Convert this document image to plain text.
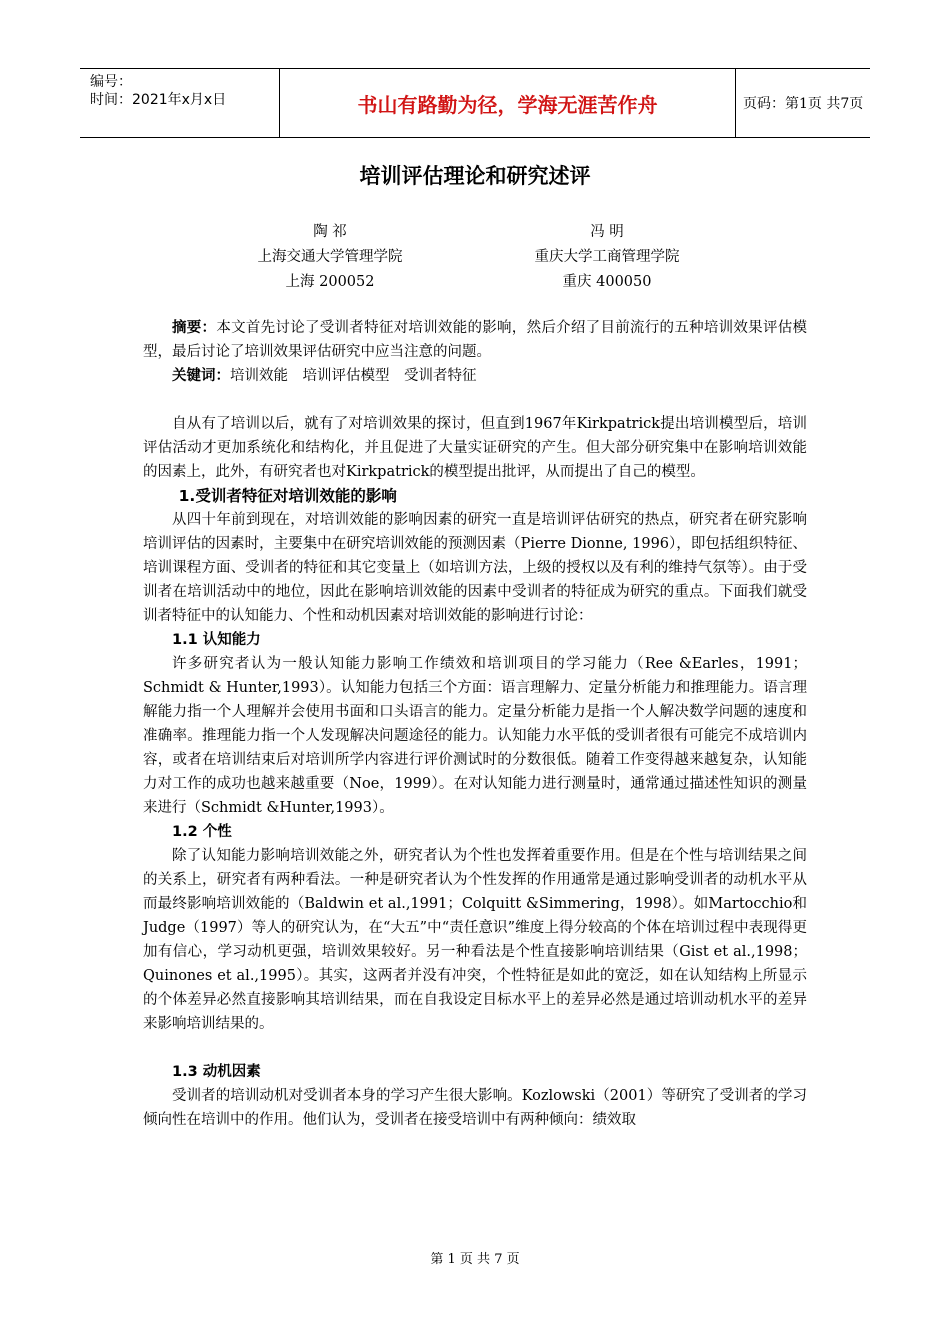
编号：
时间：2021年x月x日	书山有路勤为径，学海无涯苦作舟	页码：第1页 共7页
培训评估理论和研究述评
陶 祁
上海交通大学管理学院
上海 200052
冯 明
重庆大学工商管理学院
重庆 400050

摘要：本文首先讨论了受训者特征对培训效能的影响，然后介绍了目前流行的五种培训效果评估模型，最后讨论了培训效果评估研究中应当注意的问题。

关键词：培训效能　培训评估模型　受训者特征

自从有了培训以后，就有了对培训效果的探讨，但直到1967年Kirkpatrick提出培训模型后，培训评估活动才更加系统化和结构化，并且促进了大量实证研究的产生。但大部分研究集中在影响培训效能的因素上，此外，有研究者也对Kirkpatrick的模型提出批评，从而提出了自己的模型。

1.受训者特征对培训效能的影响

从四十年前到现在，对培训效能的影响因素的研究一直是培训评估研究的热点，研究者在研究影响培训评估的因素时，主要集中在研究培训效能的预测因素（Pierre Dionne, 1996），即包括组织特征、培训课程方面、受训者的特征和其它变量上（如培训方法，上级的授权以及有利的维持气氛等）。由于受训者在培训活动中的地位，因此在影响培训效能的因素中受训者的特征成为研究的重点。下面我们就受训者特征中的认知能力、个性和动机因素对培训效能的影响进行讨论：

1.1 认知能力

许多研究者认为一般认知能力影响工作绩效和培训项目的学习能力（Ree &Earles，1991；Schmidt & Hunter,1993）。认知能力包括三个方面：语言理解力、定量分析能力和推理能力。语言理解能力指一个人理解并会使用书面和口头语言的能力。定量分析能力是指一个人解决数学问题的速度和准确率。推理能力指一个人发现解决问题途径的能力。认知能力水平低的受训者很有可能完不成培训内容，或者在培训结束后对培训所学内容进行评价测试时的分数很低。随着工作变得越来越复杂，认知能力对工作的成功也越来越重要（Noe，1999）。在对认知能力进行测量时，通常通过描述性知识的测量来进行（Schmidt &Hunter,1993）。

1.2 个性

除了认知能力影响培训效能之外，研究者认为个性也发挥着重要作用。但是在个性与培训结果之间的关系上，研究者有两种看法。一种是研究者认为个性发挥的作用通常是通过影响受训者的动机水平从而最终影响培训效能的（Baldwin et al.,1991；Colquitt &Simmering，1998）。如Martocchio和Judge（1997）等人的研究认为，在“大五”中“责任意识”维度上得分较高的个体在培训过程中表现得更加有信心，学习动机更强，培训效果较好。另一种看法是个性直接影响培训结果（Gist et al.,1998；Quinones et al.,1995）。其实，这两者并没有冲突，个性特征是如此的宽泛，如在认知结构上所显示的个体差异必然直接影响其培训结果，而在自我设定目标水平上的差异必然是通过培训动机水平的差异来影响培训结果的。

1.3 动机因素

受训者的培训动机对受训者本身的学习产生很大影响。Kozlowski（2001）等研究了受训者的学习倾向性在培训中的作用。他们认为，受训者在接受培训中有两种倾向：绩效取

第 1 页 共 7 页
